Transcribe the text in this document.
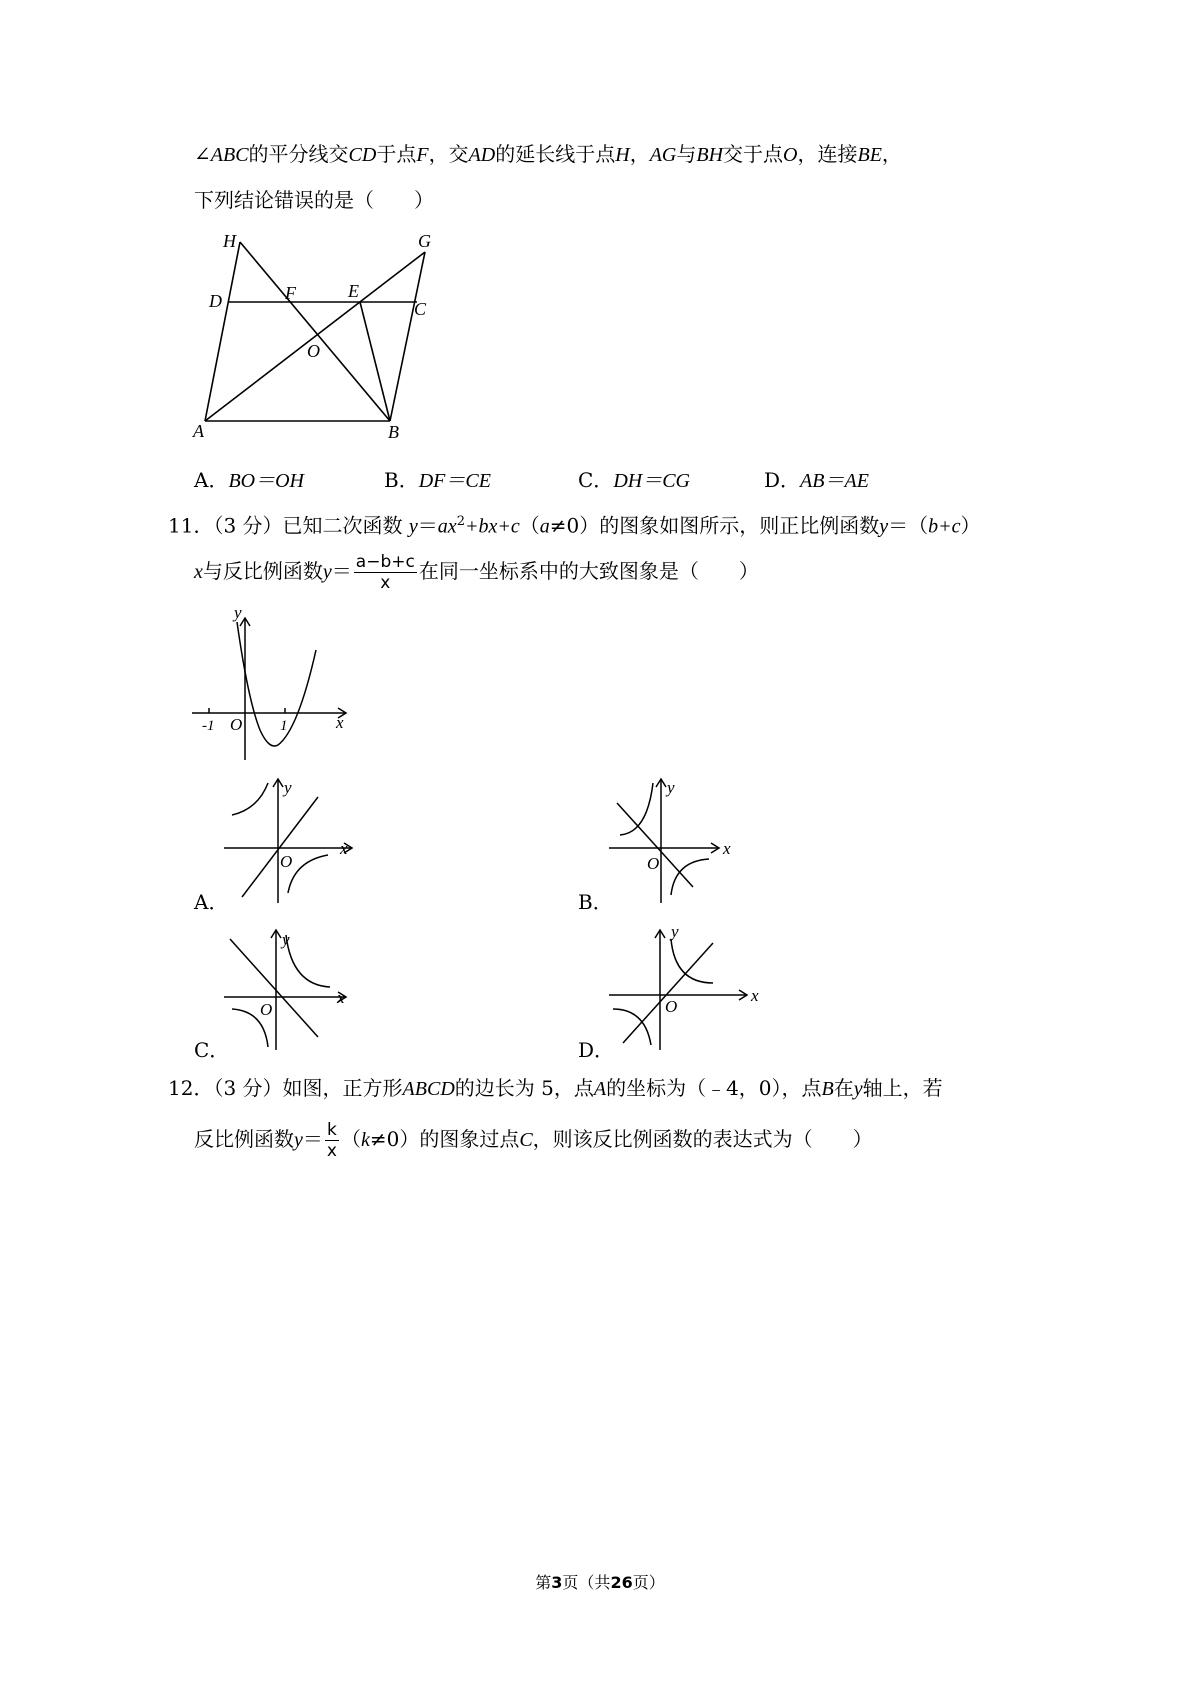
∠ABC的平分线交CD于点F，交AD的延长线于点H，AG与BH交于点O，连接BE，
下列结论错误的是（　　）
H	G
D	F	E
C
O
A	B
A．BO＝OH	B．DF＝CE	C．DH＝CG	D．AB＝AE
11．（3 分）已知二次函数 $y=ax^2+bx+c(a\ne 0)$的图象如图所示，则正比例函数y＝（b+c）
x与反比例函数$y= \frac{a-b+c}{x}$ 在同一坐标系中的大致图象是（　　）
y
x
-1 O	1
A．
y
x
O
B．
y
x
O
C．
y
x
O
D．
y
x
O
12．（3 分）如图，正方形ABCD的边长为 5，点A的坐标为（﹣4，0），点B在y轴上，若
反比例函数$y= \frac{k}{x} (k\ne 0)$的图象过点C，则该反比例函数的表达式为（　　）
第3页（共26页）
